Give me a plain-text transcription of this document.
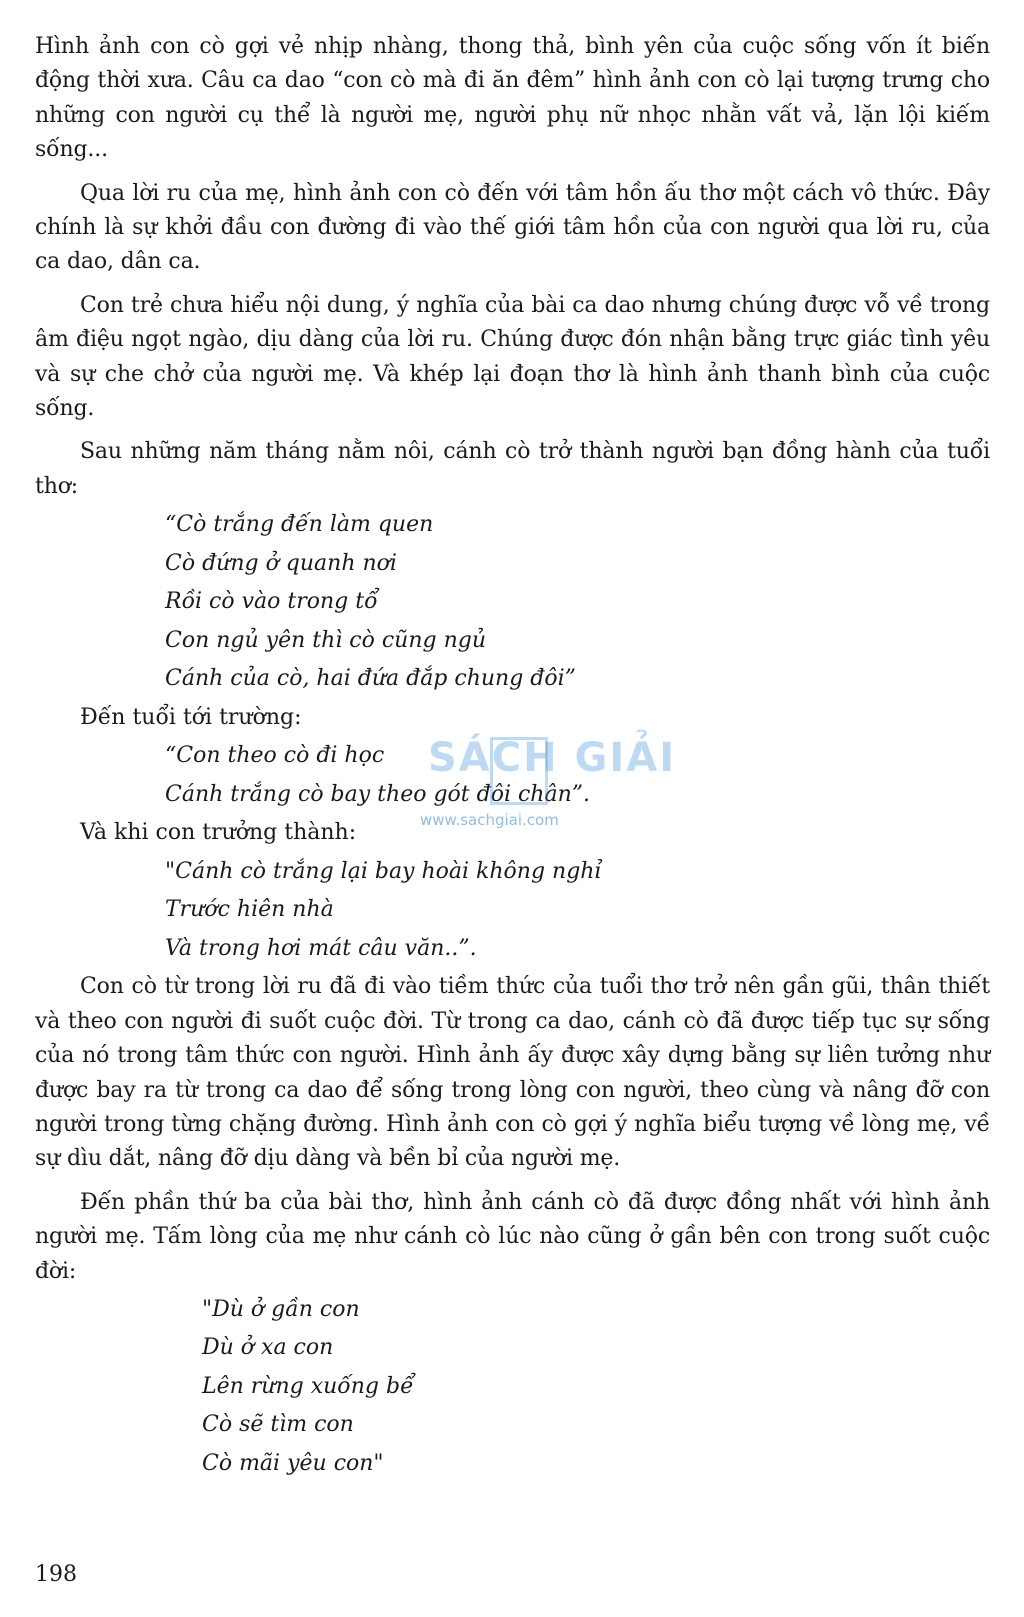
Hình ảnh con cò gợi vẻ nhịp nhàng, thong thả, bình yên của cuộc sống vốn ít biến động thời xưa. Câu ca dao “con cò mà đi ăn đêm” hình ảnh con cò lại tượng trưng cho những con người cụ thể là người mẹ, người phụ nữ nhọc nhằn vất vả, lặn lội kiếm sống...

Qua lời ru của mẹ, hình ảnh con cò đến với tâm hồn ấu thơ một cách vô thức. Đây chính là sự khởi đầu con đường đi vào thế giới tâm hồn của con người qua lời ru, của ca dao, dân ca.

Con trẻ chưa hiểu nội dung, ý nghĩa của bài ca dao nhưng chúng được vỗ về trong âm điệu ngọt ngào, dịu dàng của lời ru. Chúng được đón nhận bằng trực giác tình yêu và sự che chở của người mẹ. Và khép lại đoạn thơ là hình ảnh thanh bình của cuộc sống.

Sau những năm tháng nằm nôi, cánh cò trở thành người bạn đồng hành của tuổi thơ:

“Cò trắng đến làm quen
Cò đứng ở quanh nơi
Rồi cò vào trong tổ
Con ngủ yên thì cò cũng ngủ
Cánh của cò, hai đứa đắp chung đôi”

Đến tuổi tới trường:

“Con theo cò đi học
Cánh trắng cò bay theo gót đôi chân”.

Và khi con trưởng thành:

"Cánh cò trắng lại bay hoài không nghỉ
Trước hiên nhà
Và trong hơi mát câu văn..”.

Con cò từ trong lời ru đã đi vào tiềm thức của tuổi thơ trở nên gần gũi, thân thiết và theo con người đi suốt cuộc đời. Từ trong ca dao, cánh cò đã được tiếp tục sự sống của nó trong tâm thức con người. Hình ảnh ấy được xây dựng bằng sự liên tưởng như được bay ra từ trong ca dao để sống trong lòng con người, theo cùng và nâng đỡ con người trong từng chặng đường. Hình ảnh con cò gợi ý nghĩa biểu tượng về lòng mẹ, về sự dìu dắt, nâng đỡ dịu dàng và bền bỉ của người mẹ.

Đến phần thứ ba của bài thơ, hình ảnh cánh cò đã được đồng nhất với hình ảnh người mẹ. Tấm lòng của mẹ như cánh cò lúc nào cũng ở gần bên con trong suốt cuộc đời:

"Dù ở gần con
Dù ở xa con
Lên rừng xuống bể
Cò sẽ tìm con
Cò mãi yêu con"
SÁCH GIẢI
www.sachgiai.com
198
